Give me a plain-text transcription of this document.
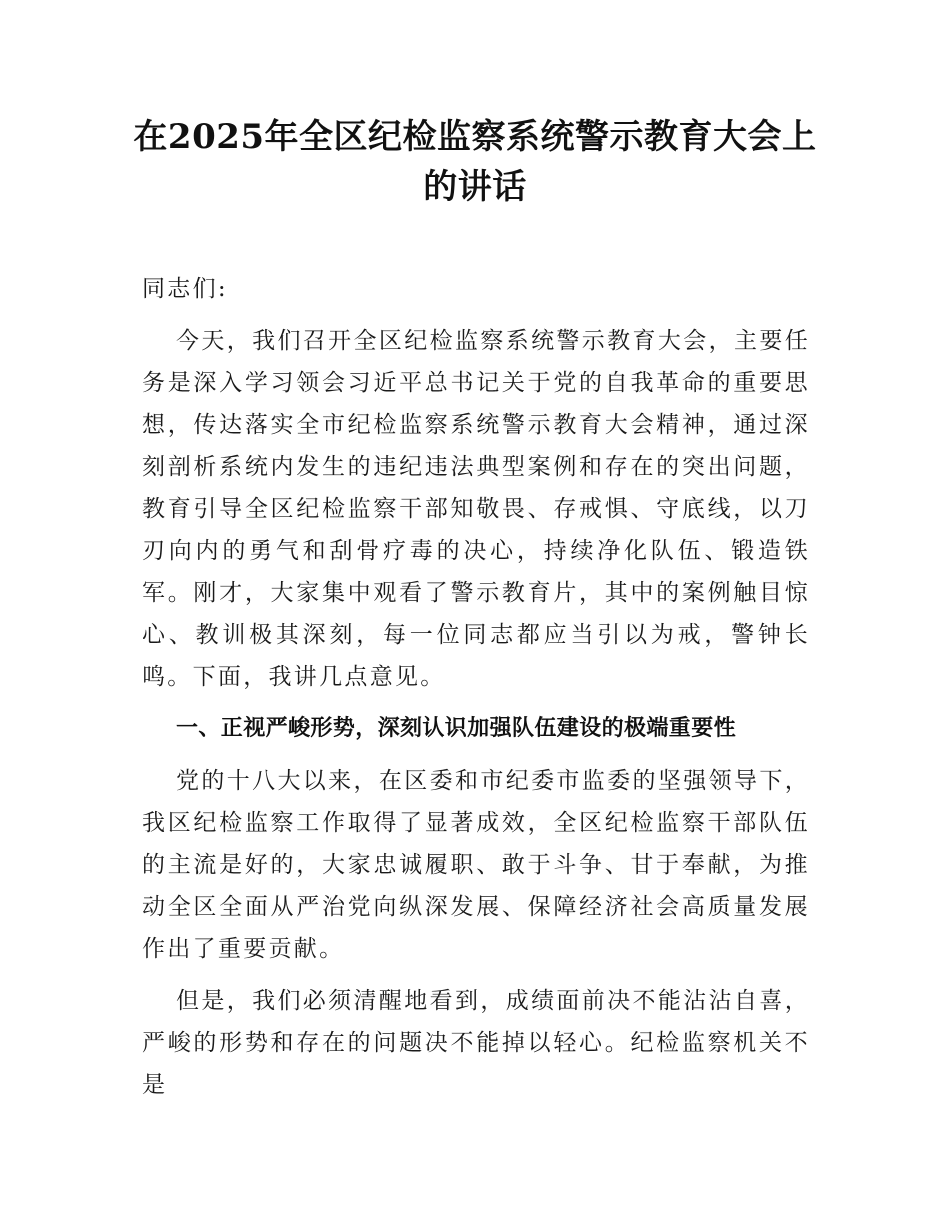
在2025年全区纪检监察系统警示教育大会上的讲话

同志们:

今天，我们召开全区纪检监察系统警示教育大会，主要任务是深入学习领会习近平总书记关于党的自我革命的重要思想，传达落实全市纪检监察系统警示教育大会精神，通过深刻剖析系统内发生的违纪违法典型案例和存在的突出问题，教育引导全区纪检监察干部知敬畏、存戒惧、守底线，以刀刃向内的勇气和刮骨疗毒的决心，持续净化队伍、锻造铁军。刚才，大家集中观看了警示教育片，其中的案例触目惊心、教训极其深刻，每一位同志都应当引以为戒，警钟长鸣。下面，我讲几点意见。

一、正视严峻形势，深刻认识加强队伍建设的极端重要性

党的十八大以来，在区委和市纪委市监委的坚强领导下，我区纪检监察工作取得了显著成效，全区纪检监察干部队伍的主流是好的，大家忠诚履职、敢于斗争、甘于奉献，为推动全区全面从严治党向纵深发展、保障经济社会高质量发展作出了重要贡献。

但是，我们必须清醒地看到，成绩面前决不能沾沾自喜，严峻的形势和存在的问题决不能掉以轻心。纪检监察机关不是
